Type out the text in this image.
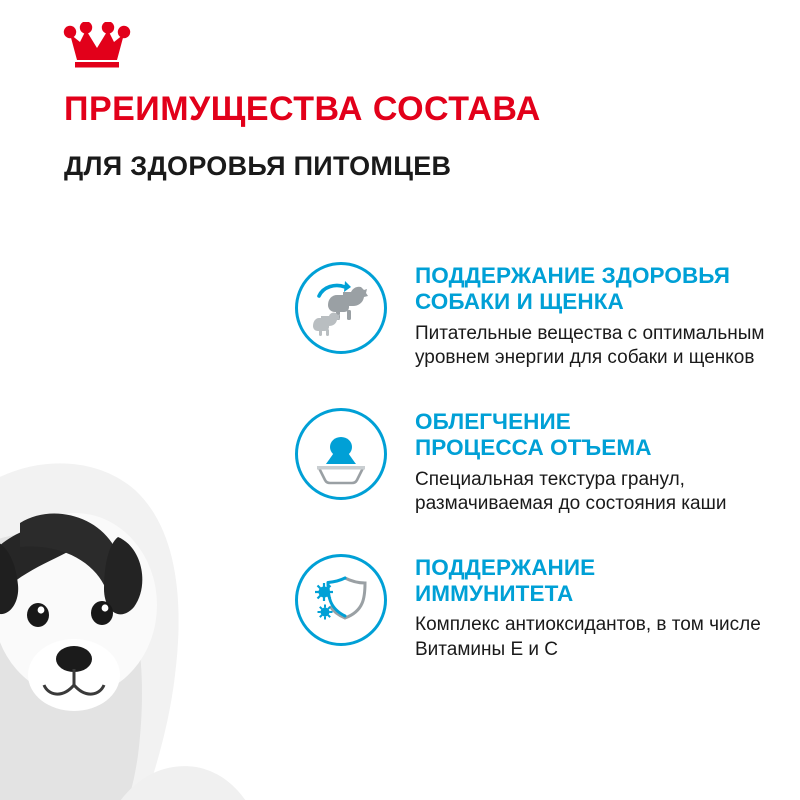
ПРЕИМУЩЕСТВА СОСТАВА
ДЛЯ ЗДОРОВЬЯ ПИТОМЦЕВ
ПОДДЕРЖАНИЕ ЗДОРОВЬЯ
СОБАКИ И ЩЕНКА
Питательные вещества с оптимальным уровнем энергии для собаки и щенков
ОБЛЕГЧЕНИЕ
ПРОЦЕССА ОТЪЕМА
Специальная текстура гранул, размачиваемая до состояния каши
ПОДДЕРЖАНИЕ
ИММУНИТЕТА
Комплекс антиоксидантов, в том числе Витамины Е и С
